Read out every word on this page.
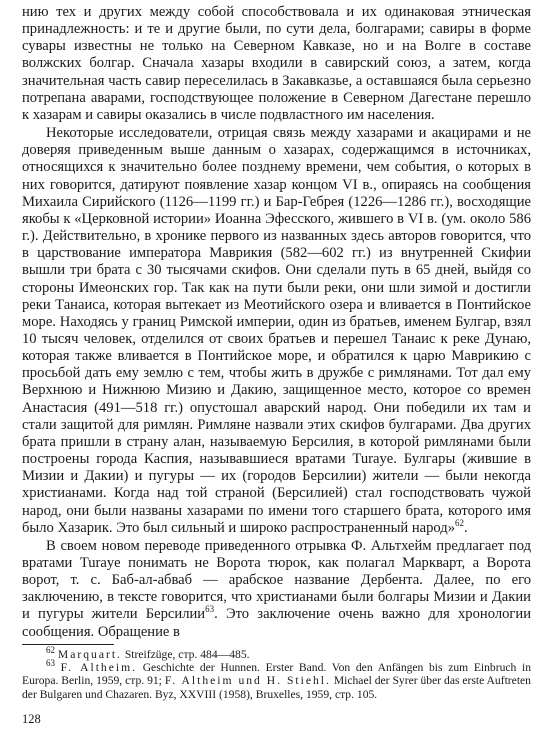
нию тех и других между собой способствовала и их одинаковая этническая принадлежность: и те и другие были, по сути дела, болгарами; савиры в форме сувары известны не только на Северном Кавказе, но и на Волге в составе волжских болгар. Сначала хазары входили в савирский союз, а затем, когда значительная часть савир переселилась в Закавказье, а оставшаяся была серьезно потрепана аварами, господствующее положение в Северном Дагестане перешло к хазарам и савиры оказались в числе подвластного им населения.

Некоторые исследователи, отрицая связь между хазарами и акацирами и не доверяя приведенным выше данным о хазарах, содержащимся в источниках, относящихся к значительно более позднему времени, чем события, о которых в них говорится, датируют появление хазар концом VI в., опираясь на сообщения Михаила Сирийского (1126—1199 гг.) и Бар-Гебрея (1226—1286 гг.), восходящие якобы к «Церковной истории» Иоанна Эфесского, жившего в VI в. (ум. около 586 г.). Действительно, в хронике первого из названных здесь авторов говорится, что в царствование императора Маврикия (582—602 гг.) из внутренней Скифии вышли три брата с 30 тысячами скифов. Они сделали путь в 65 дней, выйдя со стороны Имеонских гор. Так как на пути были реки, они шли зимой и достигли реки Танаиса, которая вытекает из Меотийского озера и вливается в Понтийское море. Находясь у границ Римской империи, один из братьев, именем Булгар, взял 10 тысяч человек, отделился от своих братьев и перешел Танаис к реке Дунаю, которая также вливается в Понтийское море, и обратился к царю Маврикию с просьбой дать ему землю с тем, чтобы жить в дружбе с римлянами. Тот дал ему Верхнюю и Нижнюю Мизию и Дакию, защищенное место, которое со времен Анастасия (491—518 гг.) опустошал аварский народ. Они победили их там и стали защитой для римлян. Римляне назвали этих скифов булгарами. Два других брата пришли в страну алан, называемую Берсилия, в которой римлянами были построены города Каспия, называвшиеся вратами Turaye. Булгары (жившие в Мизии и Дакии) и пугуры — их (городов Берсилии) жители — были некогда христианами. Когда над той страной (Берсилией) стал господствовать чужой народ, они были названы хазарами по имени того старшего брата, которого имя было Хазарик. Это был сильный и широко распространенный народ»$^{62}$.

В своем новом переводе приведенного отрывка Ф. Альтхейм предлагает под вратами Turaye понимать не Ворота тюрок, как полагал Маркварт, а Ворота ворот, т. с. Баб-ал-абваб — арабское название Дербента. Далее, по его заключению, в тексте говорится, что христианами были болгары Мизии и Дакии и пугуры жители Берсилии$^{63}$. Это заключение очень важно для хронологии сообщения. Обращение в

$^{62}$ Marquart. Streifzüge, стр. 484—485.

$^{63}$ F. Altheim. Geschichte der Hunnen. Erster Band. Von den Anfängen bis zum Einbruch in Europa. Berlin, 1959, стр. 91; F. Altheim und H. Stiehl. Michael der Syrer über das erste Auftreten der Bulgaren und Chazaren. Byz, XXVIII (1958), Bruxelles, 1959, стр. 105.

128
